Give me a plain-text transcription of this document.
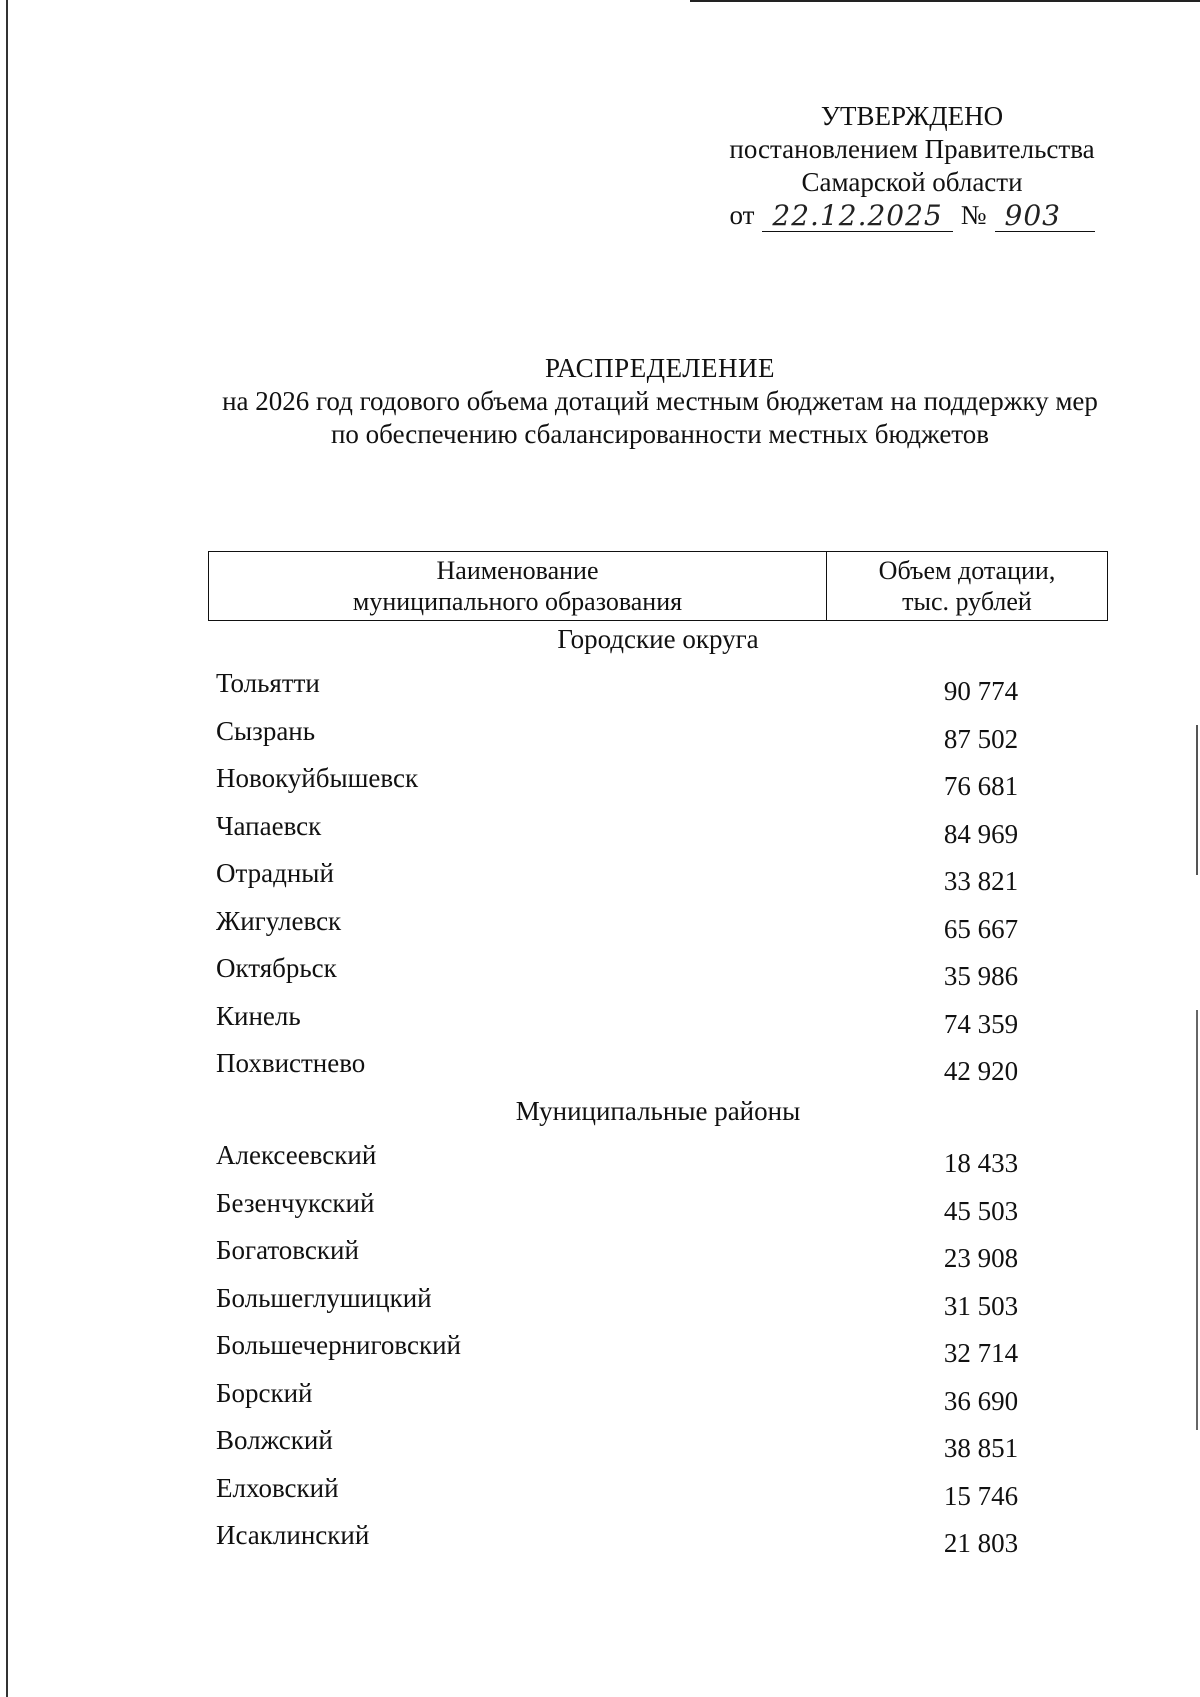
УТВЕРЖДЕНО
постановлением Правительства
Самарской области
от 22.12.2025 № 903
РАСПРЕДЕЛЕНИЕ
на 2026 год годового объема дотаций местным бюджетам на поддержку мер
по обеспечению сбалансированности местных бюджетов
Наименование
муниципального образования
Объем дотации,
тыс. рублей
Городские округа
Тольятти	90 774
Сызрань	87 502
Новокуйбышевск	76 681
Чапаевск	84 969
Отрадный	33 821
Жигулевск	65 667
Октябрьск	35 986
Кинель	74 359
Похвистнево	42 920
Муниципальные районы
Алексеевский	18 433
Безенчукский	45 503
Богатовский	23 908
Большеглушицкий	31 503
Большечерниговский	32 714
Борский	36 690
Волжский	38 851
Елховский	15 746
Исаклинский	21 803
